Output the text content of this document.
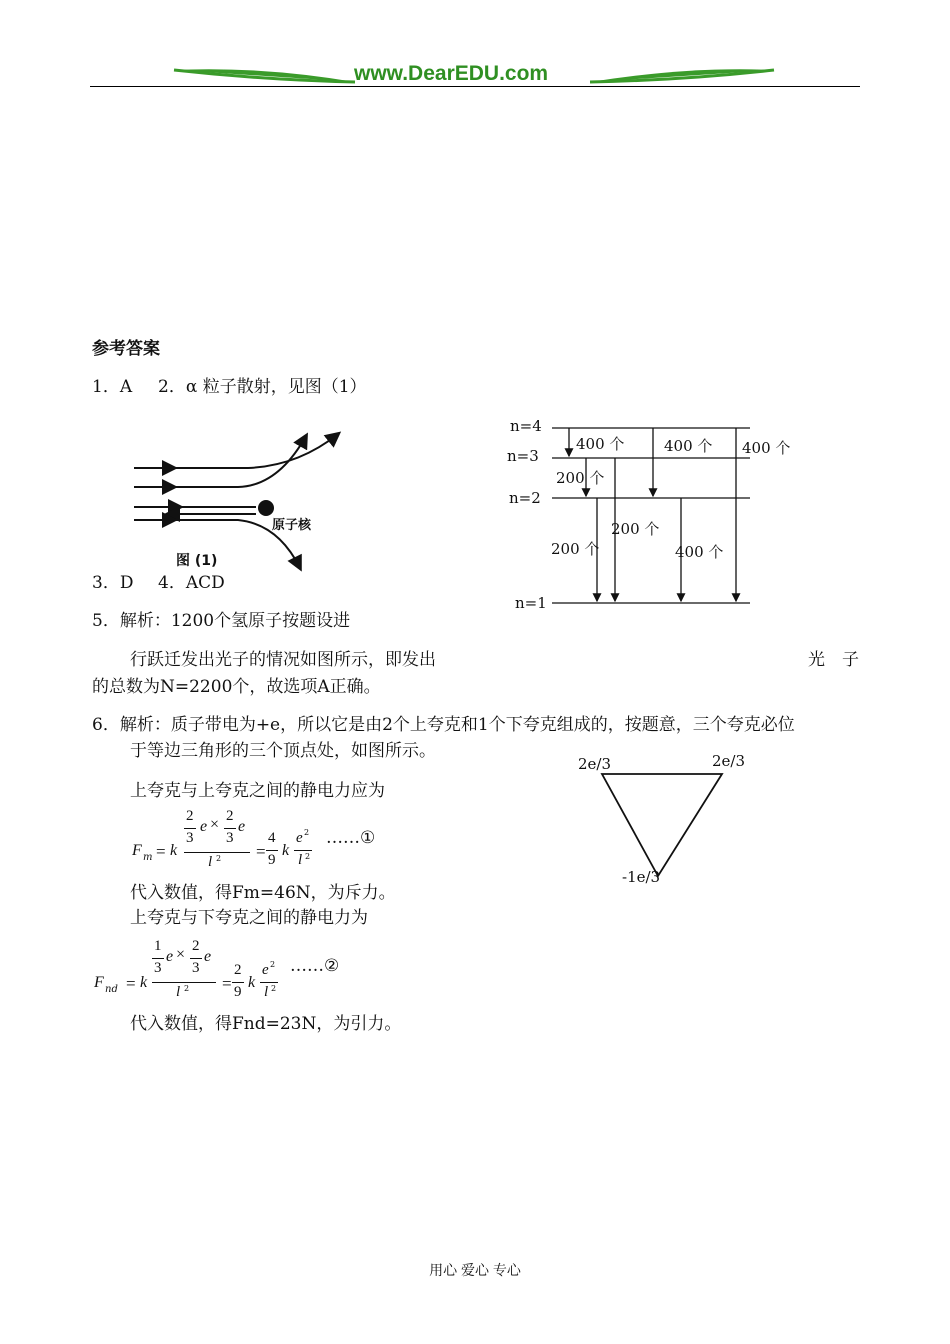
www.DearEDU.com
参考答案
1．A 2．α 粒子散射，见图（1）
原子核
图 (1)
3．D 4．ACD
n=4
n=3
n=2
n=1
400 个	400 个 400 个
200 个
200 个
200 个	400 个
5．解析：1200个氢原子按题设进
行跃迁发出光子的情况如图所示，即发出	光　子
的总数为N=2200个，故选项A正确。
6．解析：质子带电为+e，所以它是由2个上夸克和1个下夸克组成的，按题意，三个夸克必位
于等边三角形的三个顶点处，如图所示。
上夸克与上夸克之间的静电力应为
2e/3	2e/3
-1e/3
F m = k
2
3
e × 2
3
e
l 2 =
4
9
k
e 2
l 2
……①
代入数值，得Fm=46N，为斥力。
上夸克与下夸克之间的静电力为
F nd = k
1
3
e × 2
3
e
l 2 =
2
9
k
e 2
l 2
……②
代入数值，得Fnd=23N，为引力。
用心 爱心 专心
